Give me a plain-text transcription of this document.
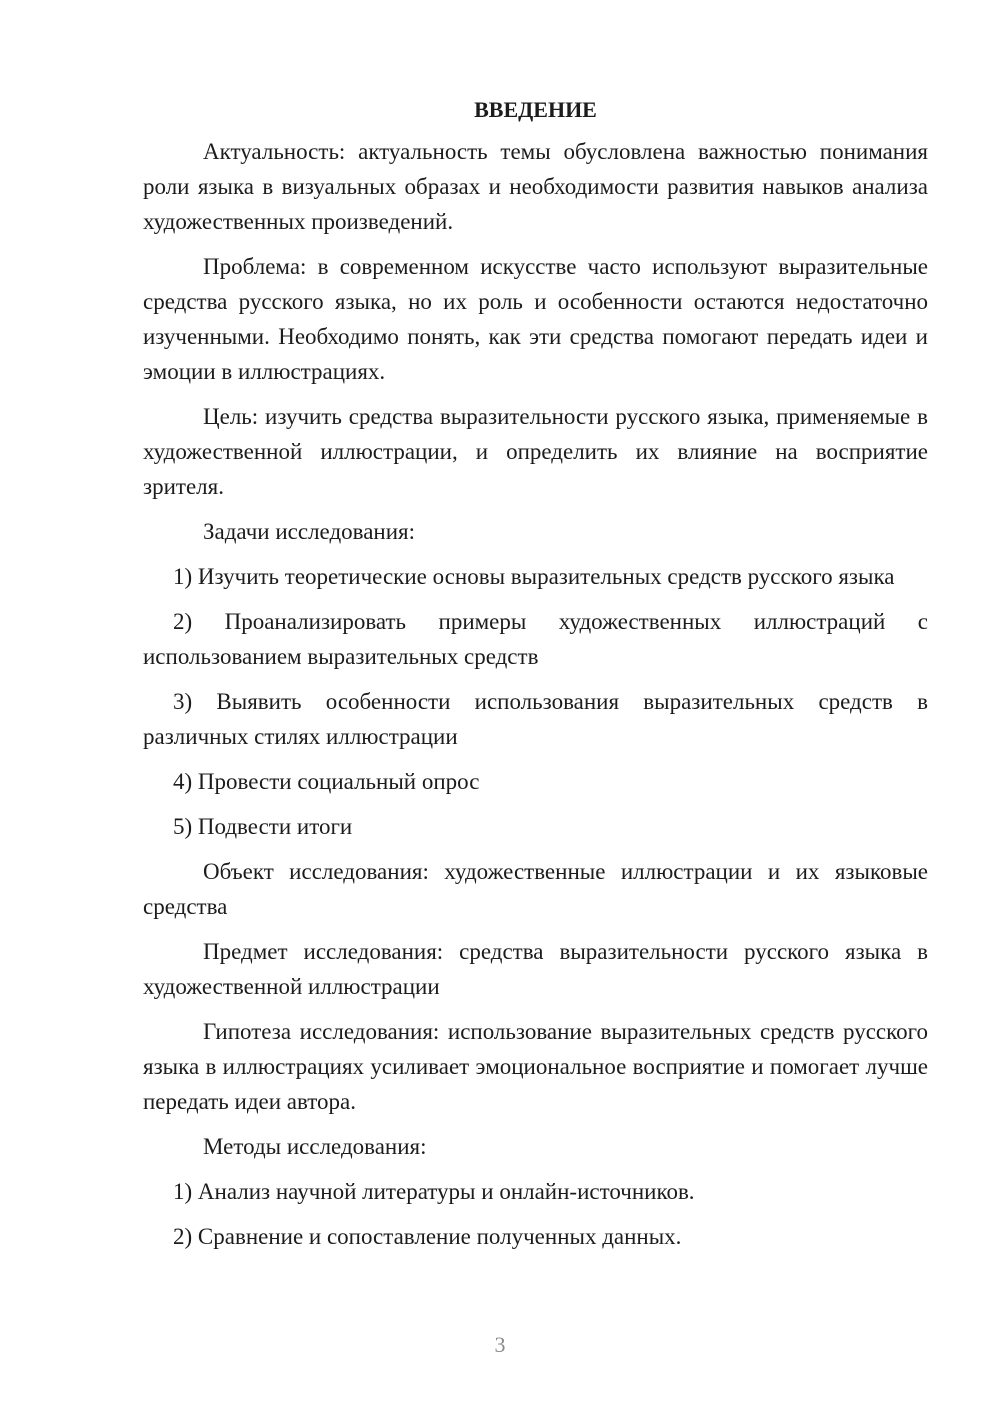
ВВЕДЕНИЕ

Актуальность: актуальность темы обусловлена важностью понимания роли языка в визуальных образах и необходимости развития навыков анализа художественных произведений.

Проблема: в современном искусстве часто используют выразительные средства русского языка, но их роль и особенности остаются недостаточно изученными. Необходимо понять, как эти средства помогают передать идеи и эмоции в иллюстрациях.

Цель: изучить средства выразительности русского языка, применяемые в художественной иллюстрации, и определить их влияние на восприятие зрителя.

Задачи исследования:

1) Изучить теоретические основы выразительных средств русского языка

2) Проанализировать примеры художественных иллюстраций с использованием выразительных средств

3) Выявить особенности использования выразительных средств в различных стилях иллюстрации

4) Провести социальный опрос

5) Подвести итоги

Объект исследования: художественные иллюстрации и их языковые средства

Предмет исследования: средства выразительности русского языка в художественной иллюстрации

Гипотеза исследования: использование выразительных средств русского языка в иллюстрациях усиливает эмоциональное восприятие и помогает лучше передать идеи автора.

Методы исследования:

1) Анализ научной литературы и онлайн-источников.

2) Сравнение и сопоставление полученных данных.

3
